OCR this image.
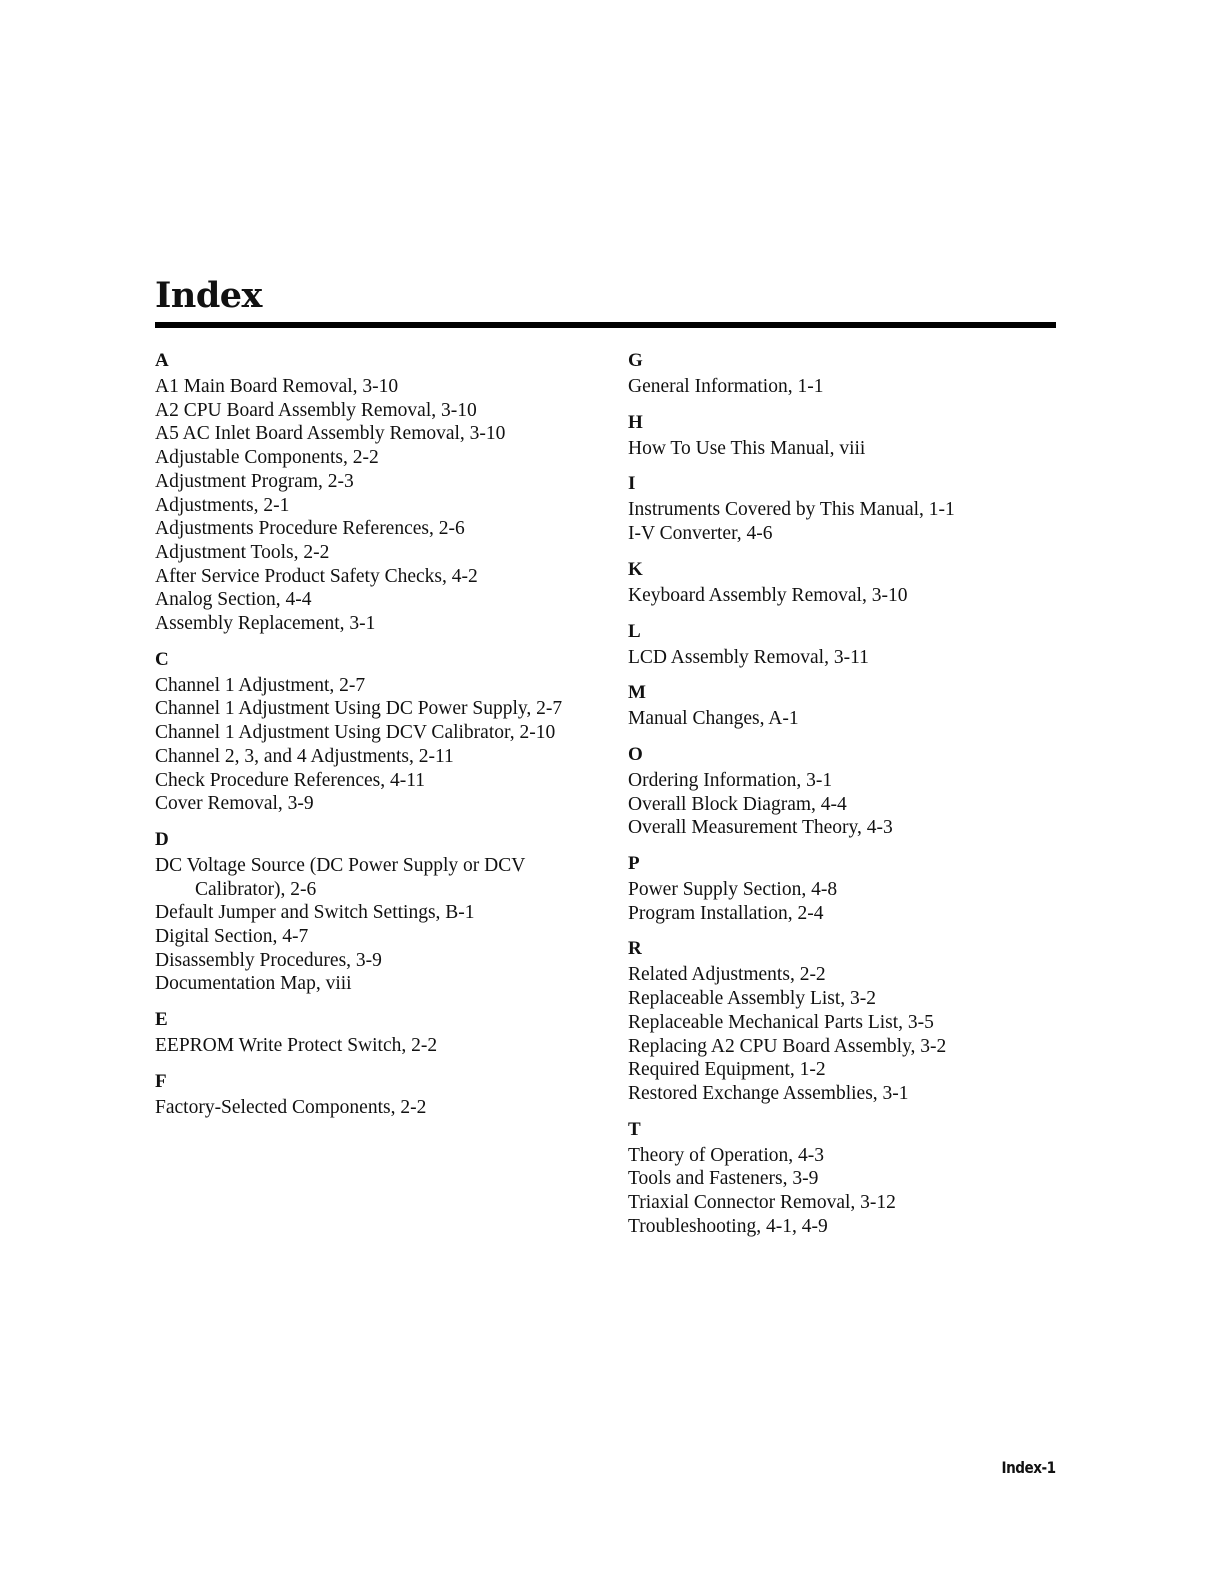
Index
A
A1 Main Board Removal, 3-10
A2 CPU Board Assembly Removal, 3-10
A5 AC Inlet Board Assembly Removal, 3-10
Adjustable Components, 2-2
Adjustment Program, 2-3
Adjustments, 2-1
Adjustments Procedure References, 2-6
Adjustment Tools, 2-2
After Service Product Safety Checks, 4-2
Analog Section, 4-4
Assembly Replacement, 3-1
C
Channel 1 Adjustment, 2-7
Channel 1 Adjustment Using DC Power Supply, 2-7
Channel 1 Adjustment Using DCV Calibrator, 2-10
Channel 2, 3, and 4 Adjustments, 2-11
Check Procedure References, 4-11
Cover Removal, 3-9
D
DC Voltage Source (DC Power Supply or DCV Calibrator), 2-6
Default Jumper and Switch Settings, B-1
Digital Section, 4-7
Disassembly Procedures, 3-9
Documentation Map, viii
E
EEPROM Write Protect Switch, 2-2
F
Factory-Selected Components, 2-2
G
General Information, 1-1
H
How To Use This Manual, viii
I
Instruments Covered by This Manual, 1-1
I-V Converter, 4-6
K
Keyboard Assembly Removal, 3-10
L
LCD Assembly Removal, 3-11
M
Manual Changes, A-1
O
Ordering Information, 3-1
Overall Block Diagram, 4-4
Overall Measurement Theory, 4-3
P
Power Supply Section, 4-8
Program Installation, 2-4
R
Related Adjustments, 2-2
Replaceable Assembly List, 3-2
Replaceable Mechanical Parts List, 3-5
Replacing A2 CPU Board Assembly, 3-2
Required Equipment, 1-2
Restored Exchange Assemblies, 3-1
T
Theory of Operation, 4-3
Tools and Fasteners, 3-9
Triaxial Connector Removal, 3-12
Troubleshooting, 4-1, 4-9
Index-1
